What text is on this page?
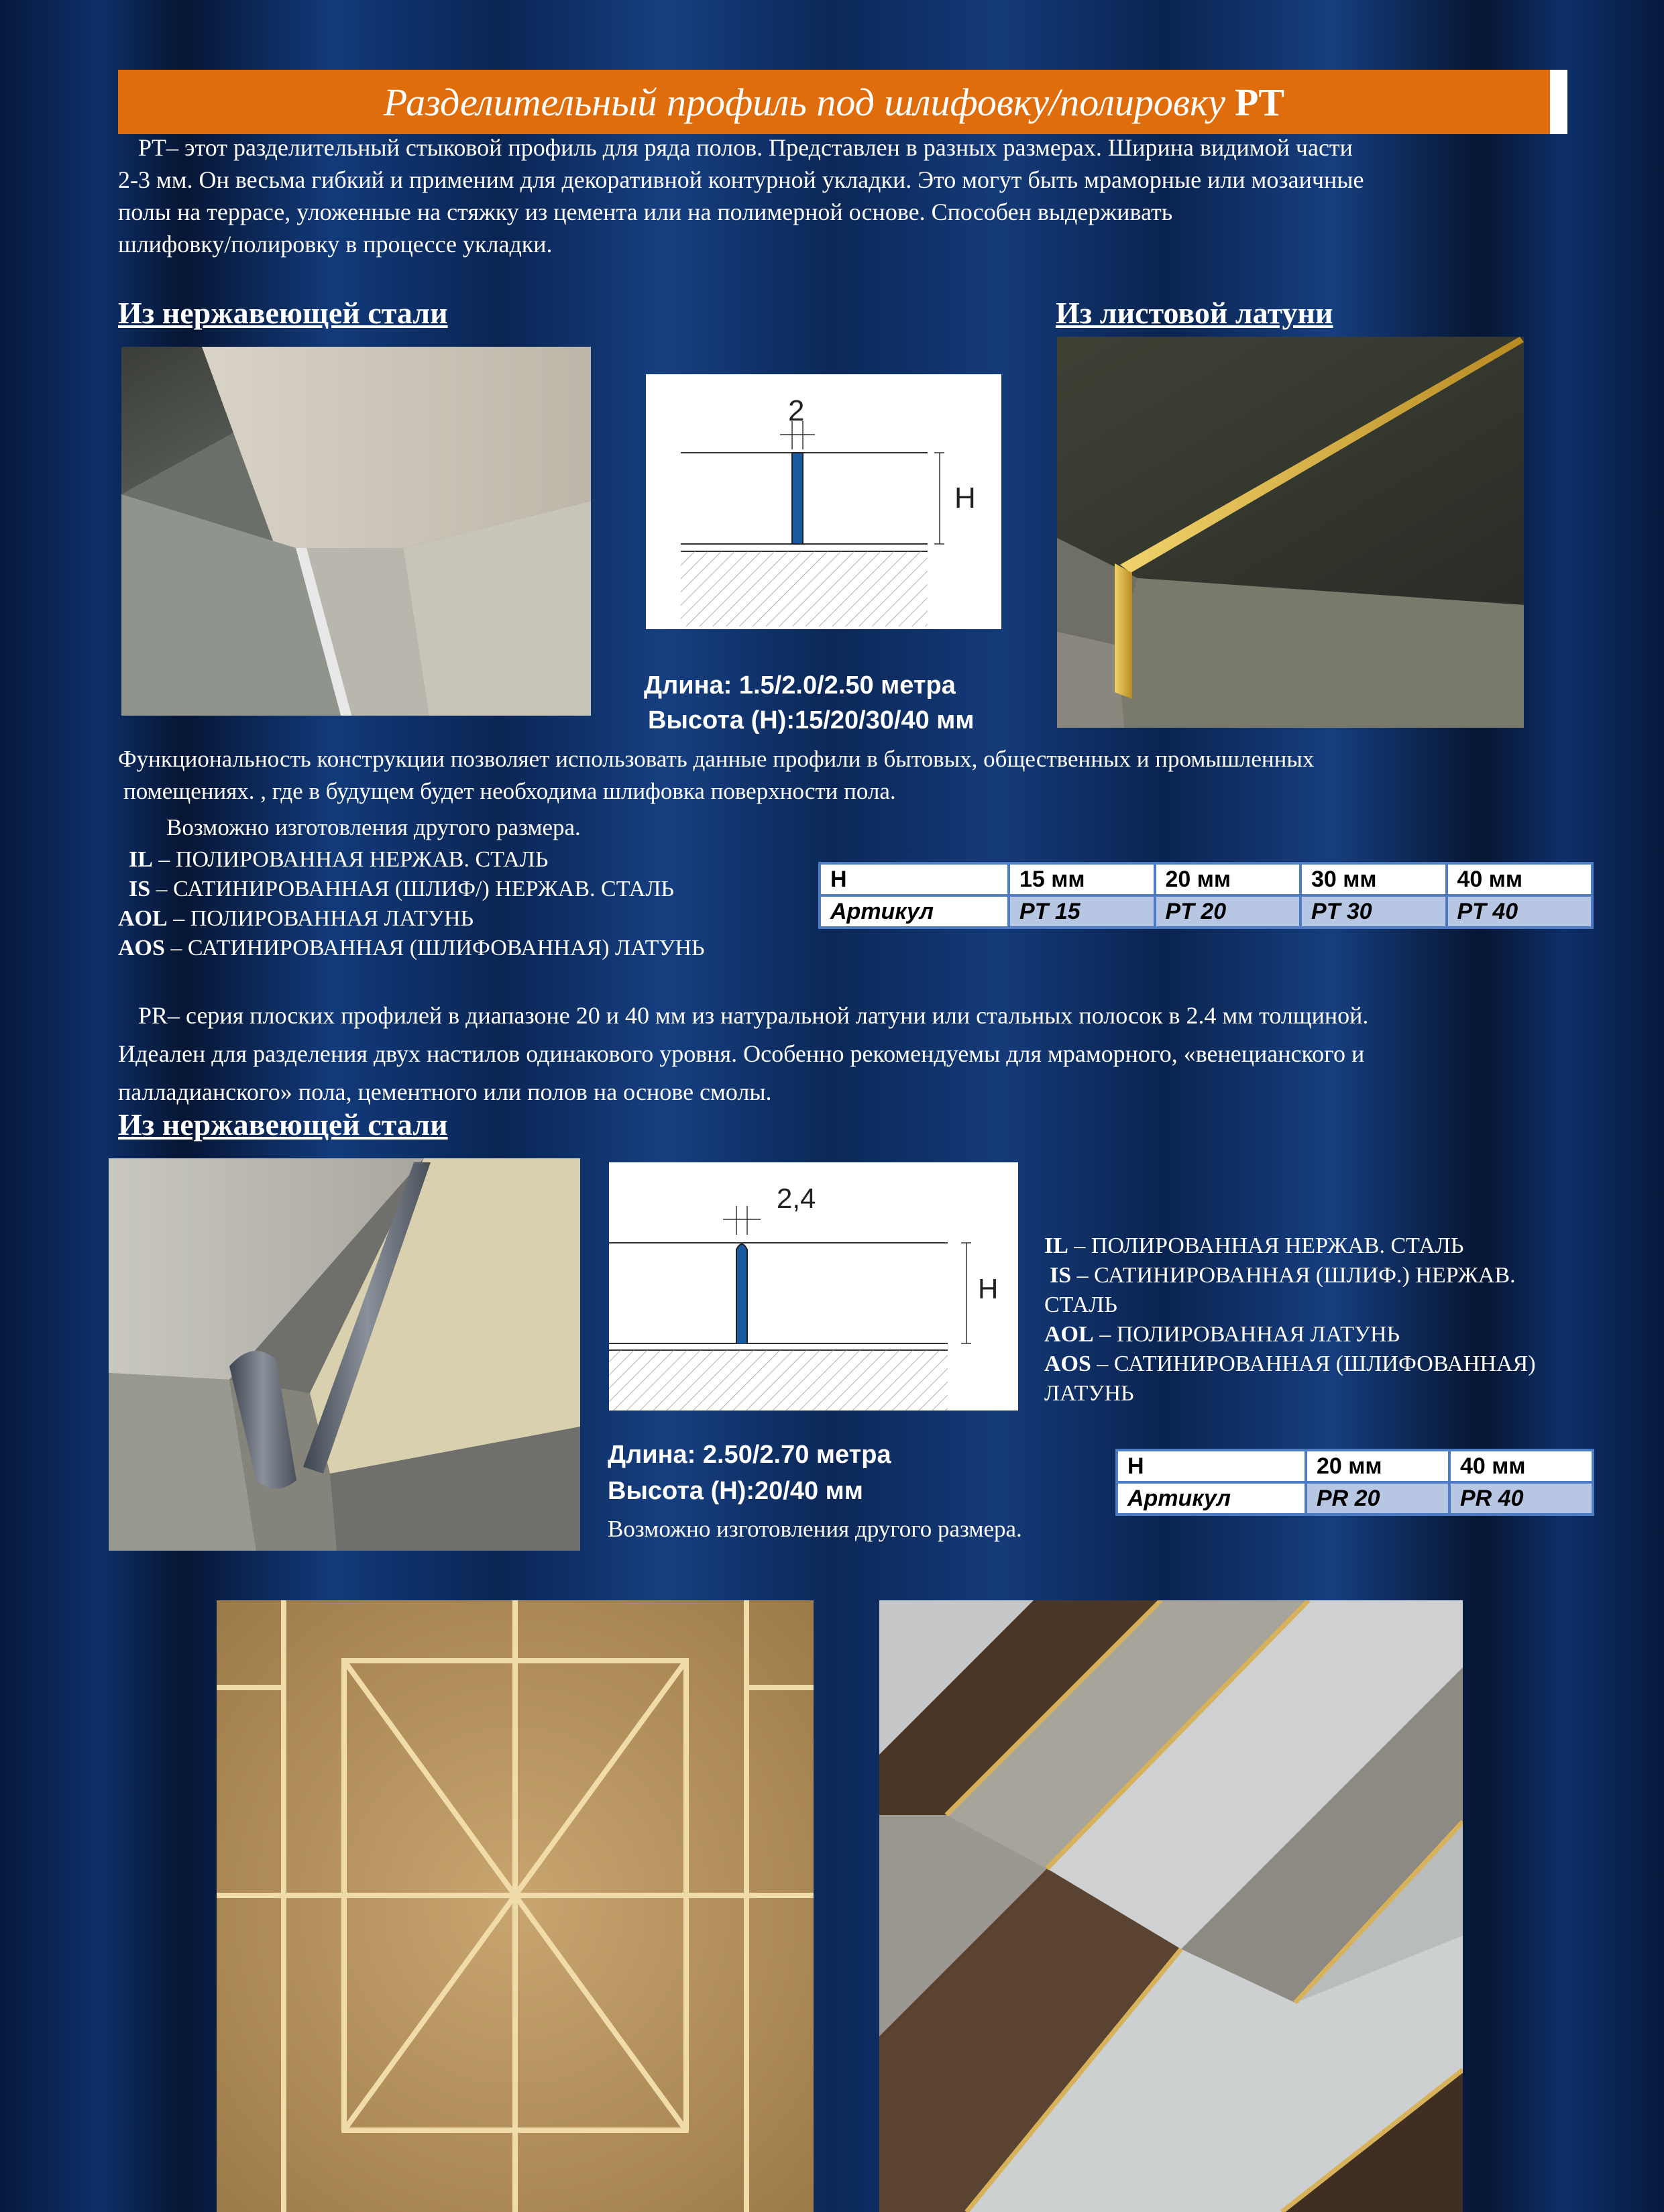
Разделительный профиль под шлифовку/полировку PT
PT– этот разделительный стыковой профиль для ряда полов. Представлен в разных размерах. Ширина видимой части
2-3 мм. Он весьма гибкий и применим для декоративной контурной укладки. Это могут быть мраморные или мозаичные
полы на террасе, уложенные на стяжку из цемента или на полимерной основе. Способен выдерживать
шлифовку/полировку в процессе укладки.
Из нержавеющей стали	Из листовой латуни
2
H
Длина: 1.5/2.0/2.50 метра
Высота (H):15/20/30/40 мм
Функциональность конструкции позволяет использовать данные профили в бытовых, общественных и промышленных
помещениях. , где в будущем будет необходима шлифовка поверхности пола.
Возможно изготовления другого размера.
IL – ПОЛИРОВАННАЯ НЕРЖАВ. СТАЛЬ
IS – САТИНИРОВАННАЯ (ШЛИФ/) НЕРЖАВ. СТАЛЬ
AOL – ПОЛИРОВАННАЯ ЛАТУНЬ
AOS – САТИНИРОВАННАЯ (ШЛИФОВАННАЯ) ЛАТУНЬ
H	15 мм	20 мм	30 мм	40 мм
Артикул	PT 15	PT 20	PT 30	PT 40
PR– серия плоских профилей в диапазоне 20 и 40 мм из натуральной латуни или стальных полосок в 2.4 мм толщиной.
Идеален для разделения двух настилов одинакового уровня. Особенно рекомендуемы для мраморного, «венецианского и
палладианского» пола, цементного или полов на основе смолы.
Из нержавеющей стали
2,4
H
IL – ПОЛИРОВАННАЯ НЕРЖАВ. СТАЛЬ
IS – САТИНИРОВАННАЯ (ШЛИФ.) НЕРЖАВ.
СТАЛЬ
AOL – ПОЛИРОВАННАЯ ЛАТУНЬ
AOS – САТИНИРОВАННАЯ (ШЛИФОВАННАЯ)
ЛАТУНЬ
Длина: 2.50/2.70 метра
Высота (H):20/40 мм
Возможно изготовления другого размера.
H	20 мм	40 мм
Артикул	PR 20	PR 40
